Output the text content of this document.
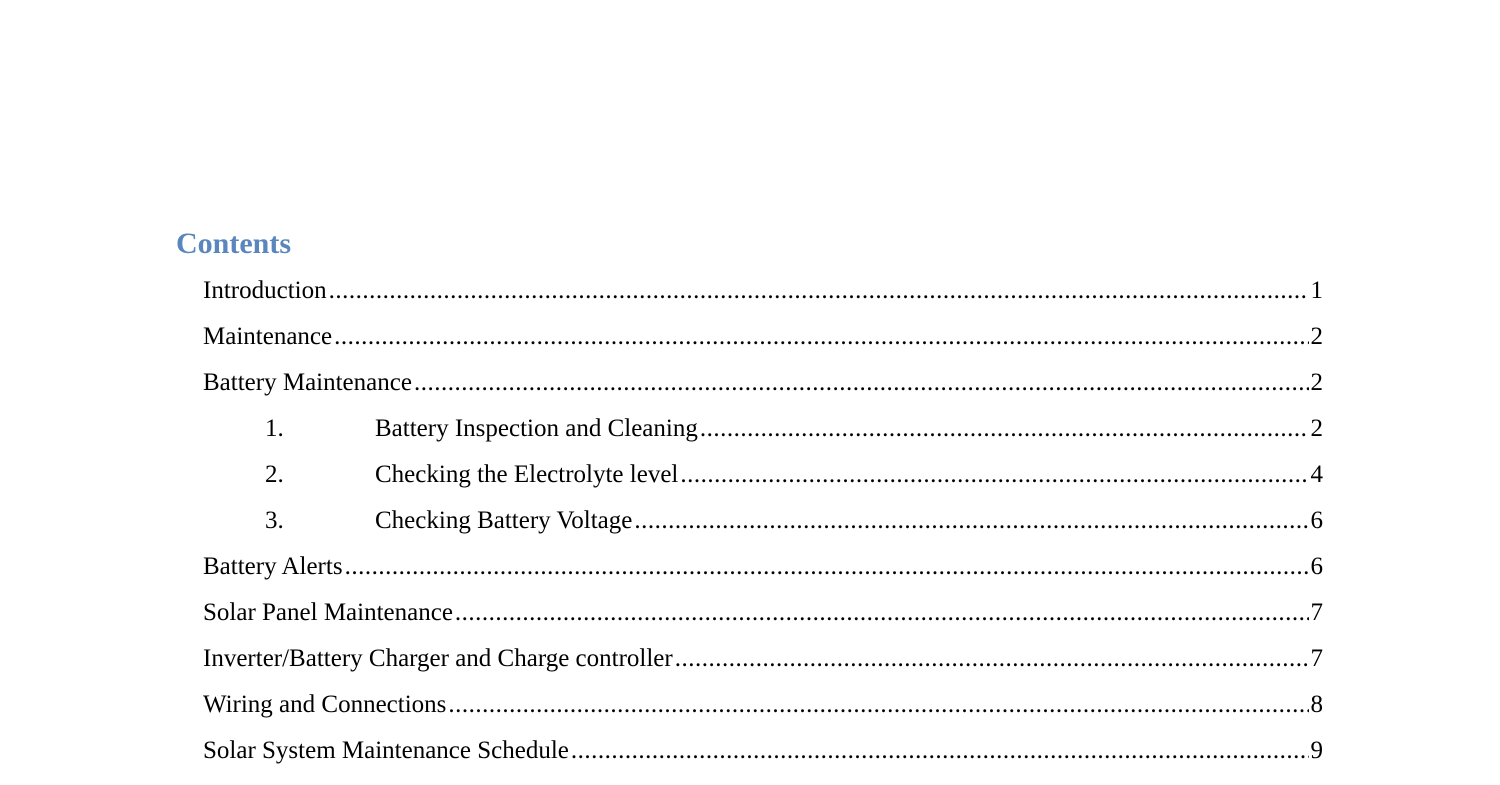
Contents
Introduction .....	1
Maintenance .....	2
Battery Maintenance .....	2
1.	Battery Inspection and Cleaning .....	2
2.	Checking the Electrolyte level .....	4
3.	Checking Battery Voltage .....	6
Battery Alerts .....	6
Solar Panel Maintenance .....	7
Inverter/Battery Charger and Charge controller .....	7
Wiring and Connections .....	8
Solar System Maintenance Schedule .....	9
